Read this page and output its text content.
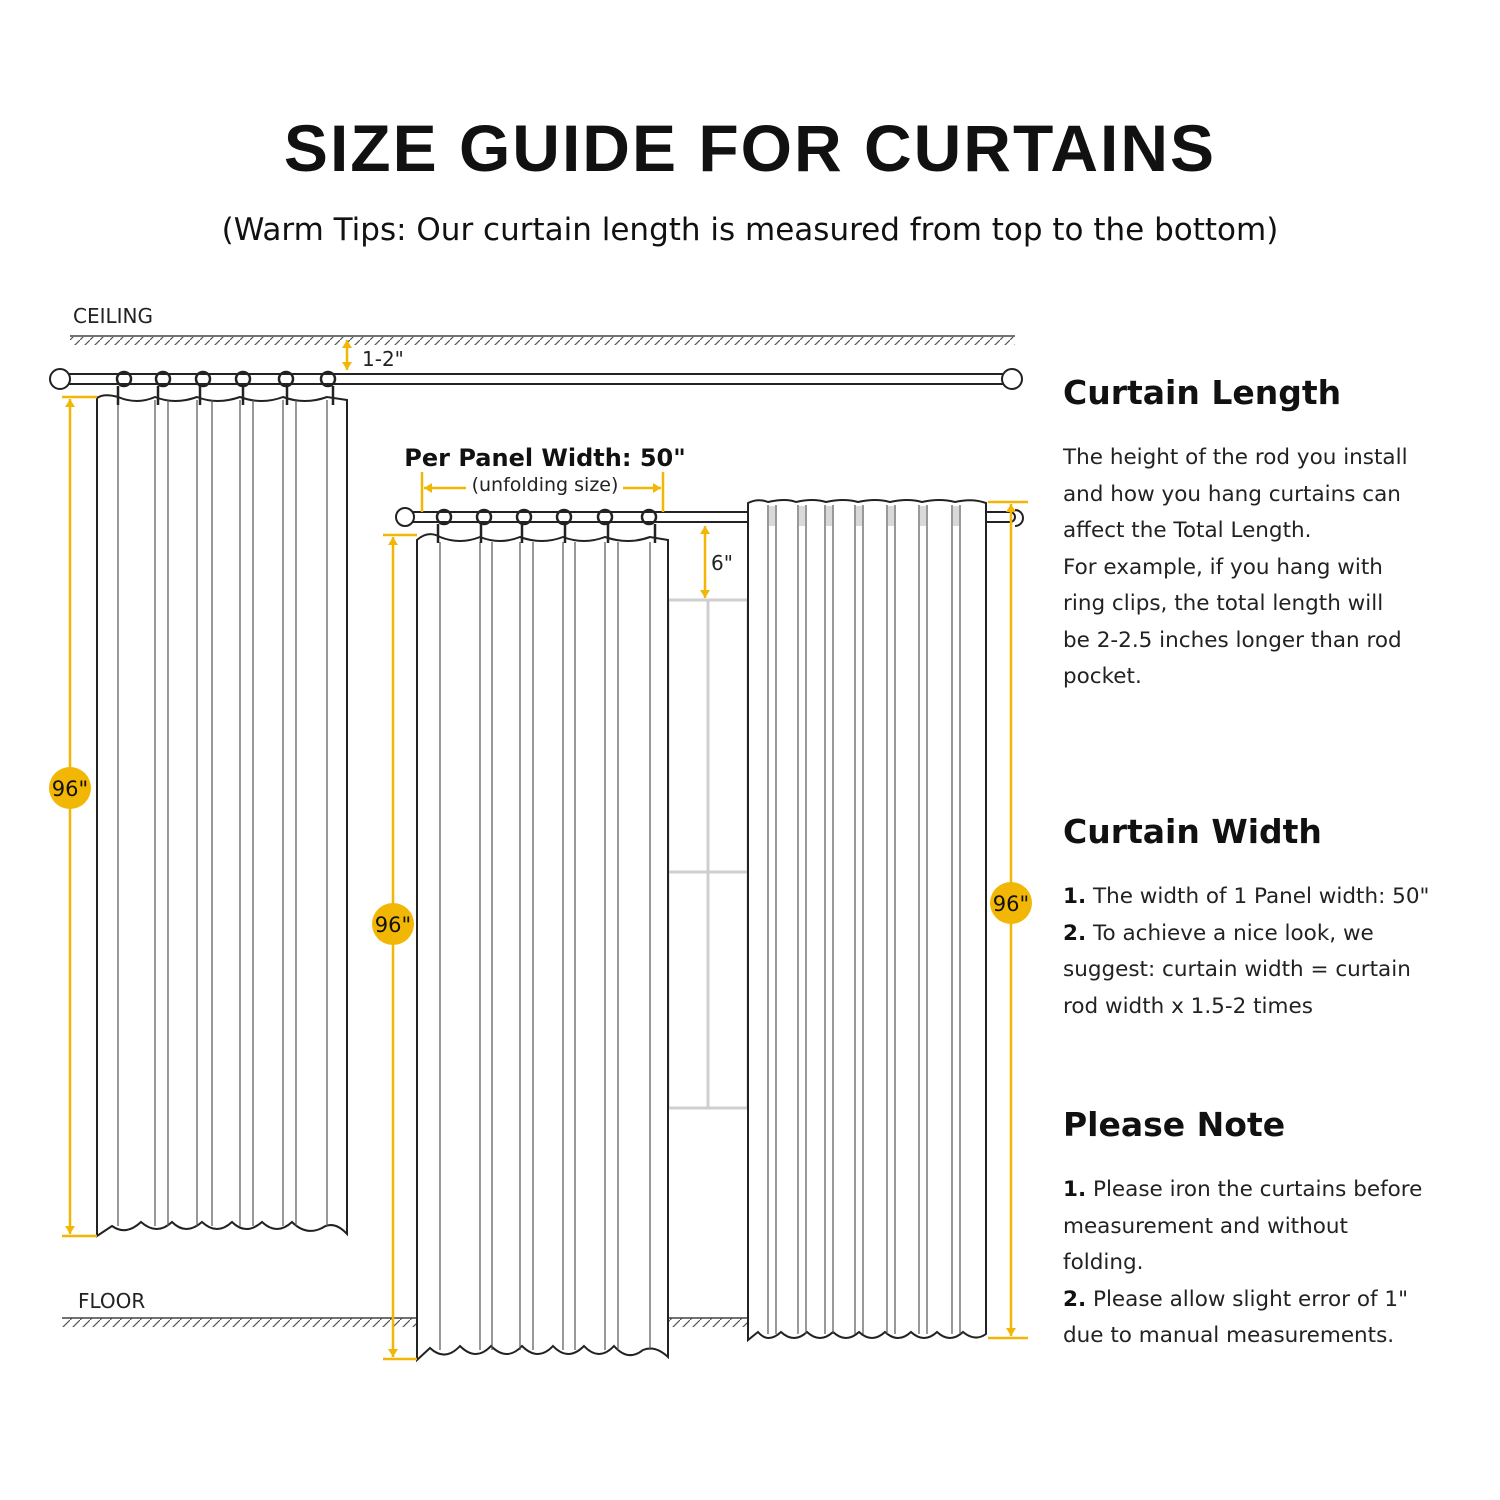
SIZE GUIDE FOR CURTAINS
(Warm Tips: Our curtain length is measured from top to the bottom)
CEILING
FLOOR
1-2"
Per Panel Width: 50"
(unfolding size)
6"
96"
96"
96"
Curtain Length

The height of the rod you install
and how you hang curtains can
affect the Total Length.
For example, if you hang with
ring clips, the total length will
be 2-2.5 inches longer than rod
pocket.

Curtain Width

1. The width of 1 Panel width: 50"
2. To achieve a nice look, we
suggest: curtain width = curtain
rod width x 1.5-2 times

Please Note

1. Please iron the curtains before
measurement and without
folding.
2. Please allow slight error of 1"
due to manual measurements.
